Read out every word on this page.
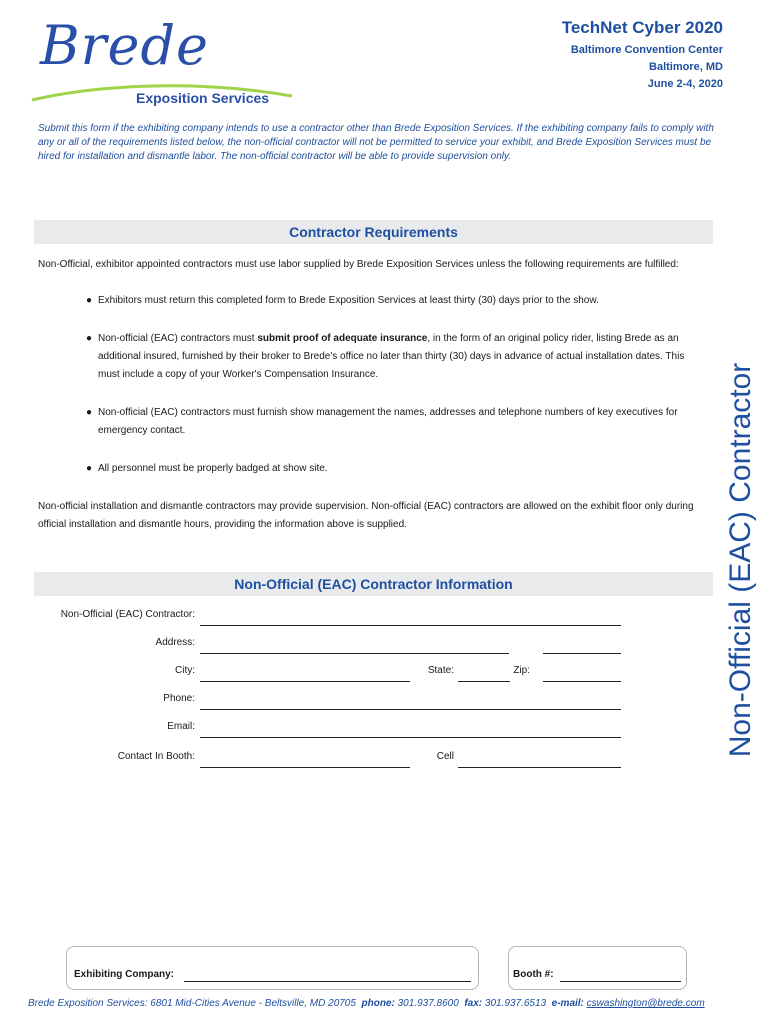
Brede
Exposition Services
TechNet Cyber 2020
Baltimore Convention Center
Baltimore, MD
June 2-4, 2020
Submit this form if the exhibiting company intends to use a contractor other than Brede Exposition Services. If the exhibiting company fails to comply with any or all of the requirements listed below, the non-official contractor will not be permitted to service your exhibit, and Brede Exposition Services must be hired for installation and dismantle labor. The non-official contractor will be able to provide supervision only.
Contractor Requirements
Non-Official, exhibitor appointed contractors must use labor supplied by Brede Exposition Services unless the following requirements are fulfilled:
● Exhibitors must return this completed form to Brede Exposition Services at least thirty (30) days prior to the show.
● Non-official (EAC) contractors must submit proof of adequate insurance, in the form of an original policy rider, listing Brede as an additional insured, furnished by their broker to Brede's office no later than thirty (30) days in advance of actual installation dates. This must include a copy of your Worker's Compensation Insurance.
● Non-official (EAC) contractors must furnish show management the names, addresses and telephone numbers of key executives for emergency contact.
● All personnel must be properly badged at show site.
Non-official installation and dismantle contractors may provide supervision. Non-official (EAC) contractors are allowed on the exhibit floor only during official installation and dismantle hours, providing the information above is supplied.	Non-Official (EAC) Contractor
Non-Official (EAC) Contractor Information
Non-Official (EAC) Contractor:
Address:
City:	State:	Zip:
Phone:
Email:
Contact In Booth:	Cell
Exhibiting Company:	Booth #:
Brede Exposition Services: 6801 Mid-Cities Avenue - Beltsville, MD 20705 phone: 301.937.8600 fax: 301.937.6513 e-mail: cswashington@brede.com
